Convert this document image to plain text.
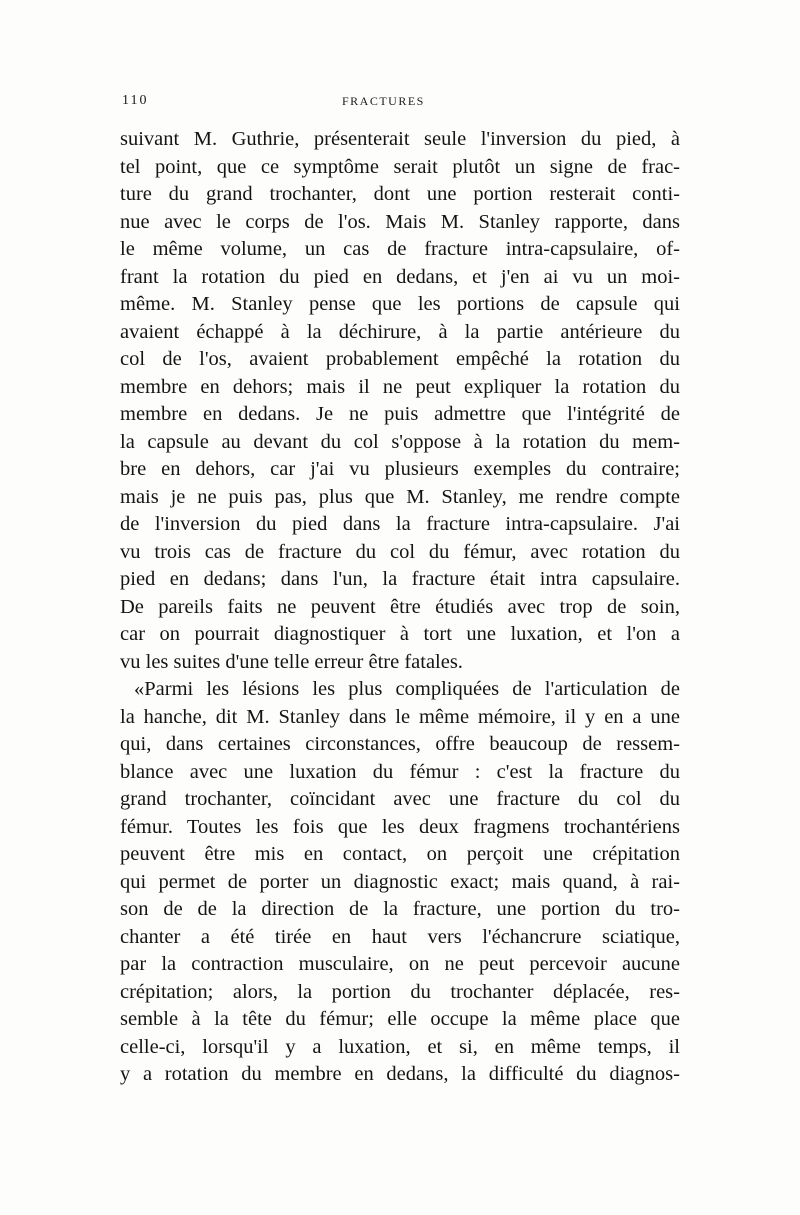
110	FRACTURES
suivant M. Guthrie, présenterait seule l'inversion du pied, à
tel point, que ce symptôme serait plutôt un signe de frac-
ture du grand trochanter, dont une portion resterait conti-
nue avec le corps de l'os. Mais M. Stanley rapporte, dans
le même volume, un cas de fracture intra-capsulaire, of-
frant la rotation du pied en dedans, et j'en ai vu un moi-
même. M. Stanley pense que les portions de capsule qui
avaient échappé à la déchirure, à la partie antérieure du
col de l'os, avaient probablement empêché la rotation du
membre en dehors; mais il ne peut expliquer la rotation du
membre en dedans. Je ne puis admettre que l'intégrité de
la capsule au devant du col s'oppose à la rotation du mem-
bre en dehors, car j'ai vu plusieurs exemples du contraire;
mais je ne puis pas, plus que M. Stanley, me rendre compte
de l'inversion du pied dans la fracture intra-capsulaire. J'ai
vu trois cas de fracture du col du fémur, avec rotation du
pied en dedans; dans l'un, la fracture était intra capsulaire.
De pareils faits ne peuvent être étudiés avec trop de soin,
car on pourrait diagnostiquer à tort une luxation, et l'on a
vu les suites d'une telle erreur être fatales.
«Parmi les lésions les plus compliquées de l'articulation de
la hanche, dit M. Stanley dans le même mémoire, il y en a une
qui, dans certaines circonstances, offre beaucoup de ressem-
blance avec une luxation du fémur : c'est la fracture du
grand trochanter, coïncidant avec une fracture du col du
fémur. Toutes les fois que les deux fragmens trochantériens
peuvent être mis en contact, on perçoit une crépitation
qui permet de porter un diagnostic exact; mais quand, à rai-
son de de la direction de la fracture, une portion du tro-
chanter a été tirée en haut vers l'échancrure sciatique,
par la contraction musculaire, on ne peut percevoir aucune
crépitation; alors, la portion du trochanter déplacée, res-
semble à la tête du fémur; elle occupe la même place que
celle-ci, lorsqu'il y a luxation, et si, en même temps, il
y a rotation du membre en dedans, la difficulté du diagnos-
